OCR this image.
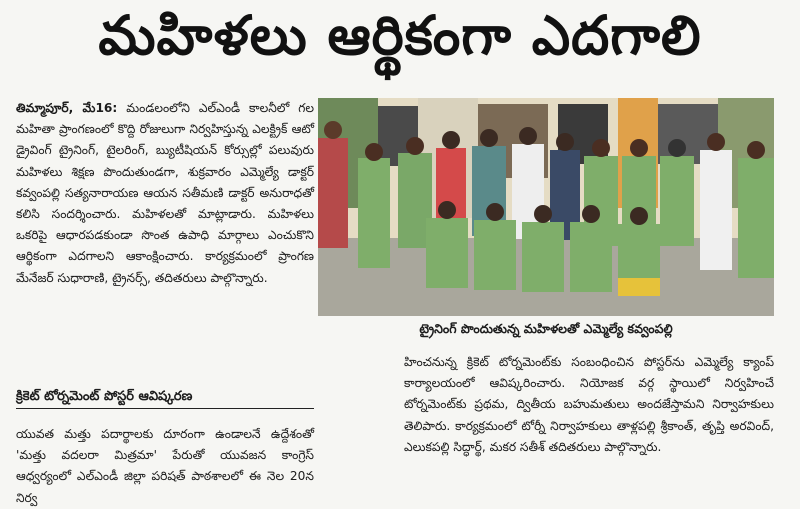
మహిళలు ఆర్థికంగా ఎదగాలి

తిమ్మాపూర్, మే16: మండలంలోని ఎల్‌ఎండీ కాలనీలో గల మహితా ప్రాంగణంలో కొద్ది రోజులుగా నిర్వహిస్తున్న ఎలక్ట్రిక్ ఆటో డ్రైవింగ్ ట్రైనింగ్, టైలరింగ్, బ్యుటీషియన్ కోర్సుల్లో పలువురు మహిళలు శిక్షణ పొందుతుండగా, శుక్రవారం ఎమ్మెల్యే డాక్టర్ కవ్వంపల్లి సత్యనారాయణ ఆయన సతీమణి డాక్టర్ అనురాధతో కలిసి సందర్శించారు. మహిళలతో మాట్లాడారు. మహిళలు ఒకరిపై ఆధారపడకుండా సొంత ఉపాధి మార్గాలు ఎంచుకొని ఆర్థికంగా ఎదగాలని ఆకాంక్షించారు. కార్యక్రమంలో ప్రాంగణ మేనేజర్ సుధారాణి, ట్రైనర్స్, తదితరులు పాల్గొన్నారు.

ట్రైనింగ్ పొందుతున్న మహిళలతో ఎమ్మెల్యే కవ్వంపల్లి
క్రికెట్ టోర్నమెంట్ పోస్టర్ ఆవిష్కరణ
యువత మత్తు పదార్థాలకు దూరంగా ఉండాలనే ఉద్దేశంతో 'మత్తు వదలరా మిత్రమా' పేరుతో యువజన కాంగ్రెస్ ఆధ్వర్యంలో ఎల్‌ఎండీ జిల్లా పరిషత్ పాఠశాలలో ఈ నెల 20న నిర్వ

హించనున్న క్రికెట్ టోర్నమెంట్‌కు సంబంధించిన పోస్టర్‌ను ఎమ్మెల్యే క్యాంప్ కార్యాలయంలో ఆవిష్కరించారు. నియోజక వర్గ స్థాయిలో నిర్వహించే టోర్నమెంట్‌కు ప్రథమ, ద్వితీయ బహుమతులు అందజేస్తామని నిర్వాహకులు తెలిపారు. కార్యక్రమంలో టోర్నీ నిర్వాహకులు తాళ్లపల్లి శ్రీకాంత్, తృప్తి అరవింద్, ఎలుకపల్లి సిద్ధార్థ్, మకర సతీశ్ తదితరులు పాల్గొన్నారు.
